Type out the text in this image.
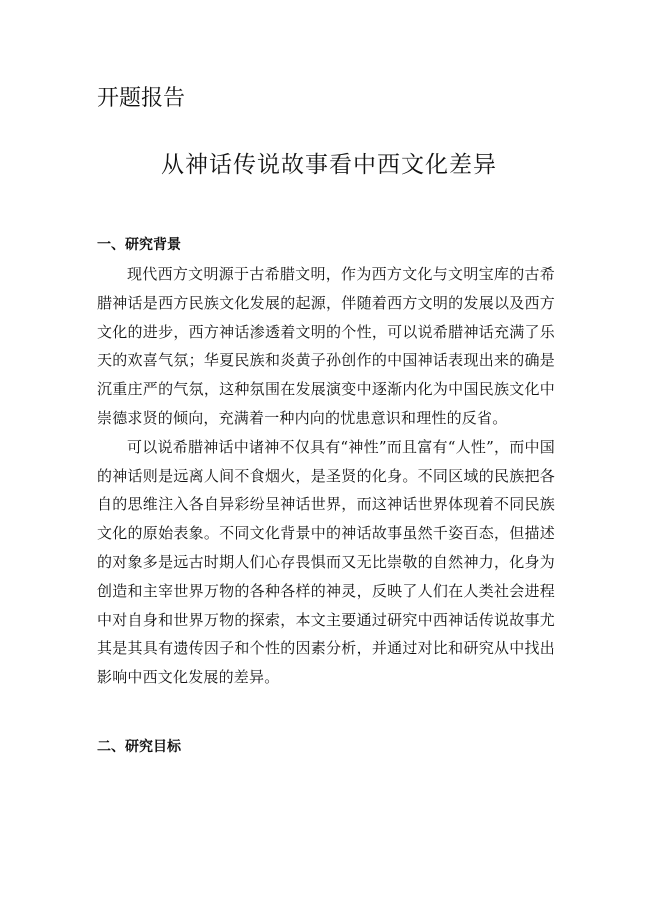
开题报告
从神话传说故事看中西文化差异
一、研究背景

现代西方文明源于古希腊文明，作为西方文化与文明宝库的古希腊神话是西方民族文化发展的起源，伴随着西方文明的发展以及西方文化的进步，西方神话渗透着文明的个性，可以说希腊神话充满了乐天的欢喜气氛；华夏民族和炎黄子孙创作的中国神话表现出来的确是沉重庄严的气氛，这种氛围在发展演变中逐渐内化为中国民族文化中崇德求贤的倾向，充满着一种内向的忧患意识和理性的反省。

可以说希腊神话中诸神不仅具有“神性”而且富有“人性”，而中国的神话则是远离人间不食烟火，是圣贤的化身。不同区域的民族把各自的思维注入各自异彩纷呈神话世界，而这神话世界体现着不同民族文化的原始表象。不同文化背景中的神话故事虽然千姿百态，但描述的对象多是远古时期人们心存畏惧而又无比崇敬的自然神力，化身为创造和主宰世界万物的各种各样的神灵，反映了人们在人类社会进程中对自身和世界万物的探索，本文主要通过研究中西神话传说故事尤其是其具有遗传因子和个性的因素分析，并通过对比和研究从中找出影响中西文化发展的差异。

二、研究目标
